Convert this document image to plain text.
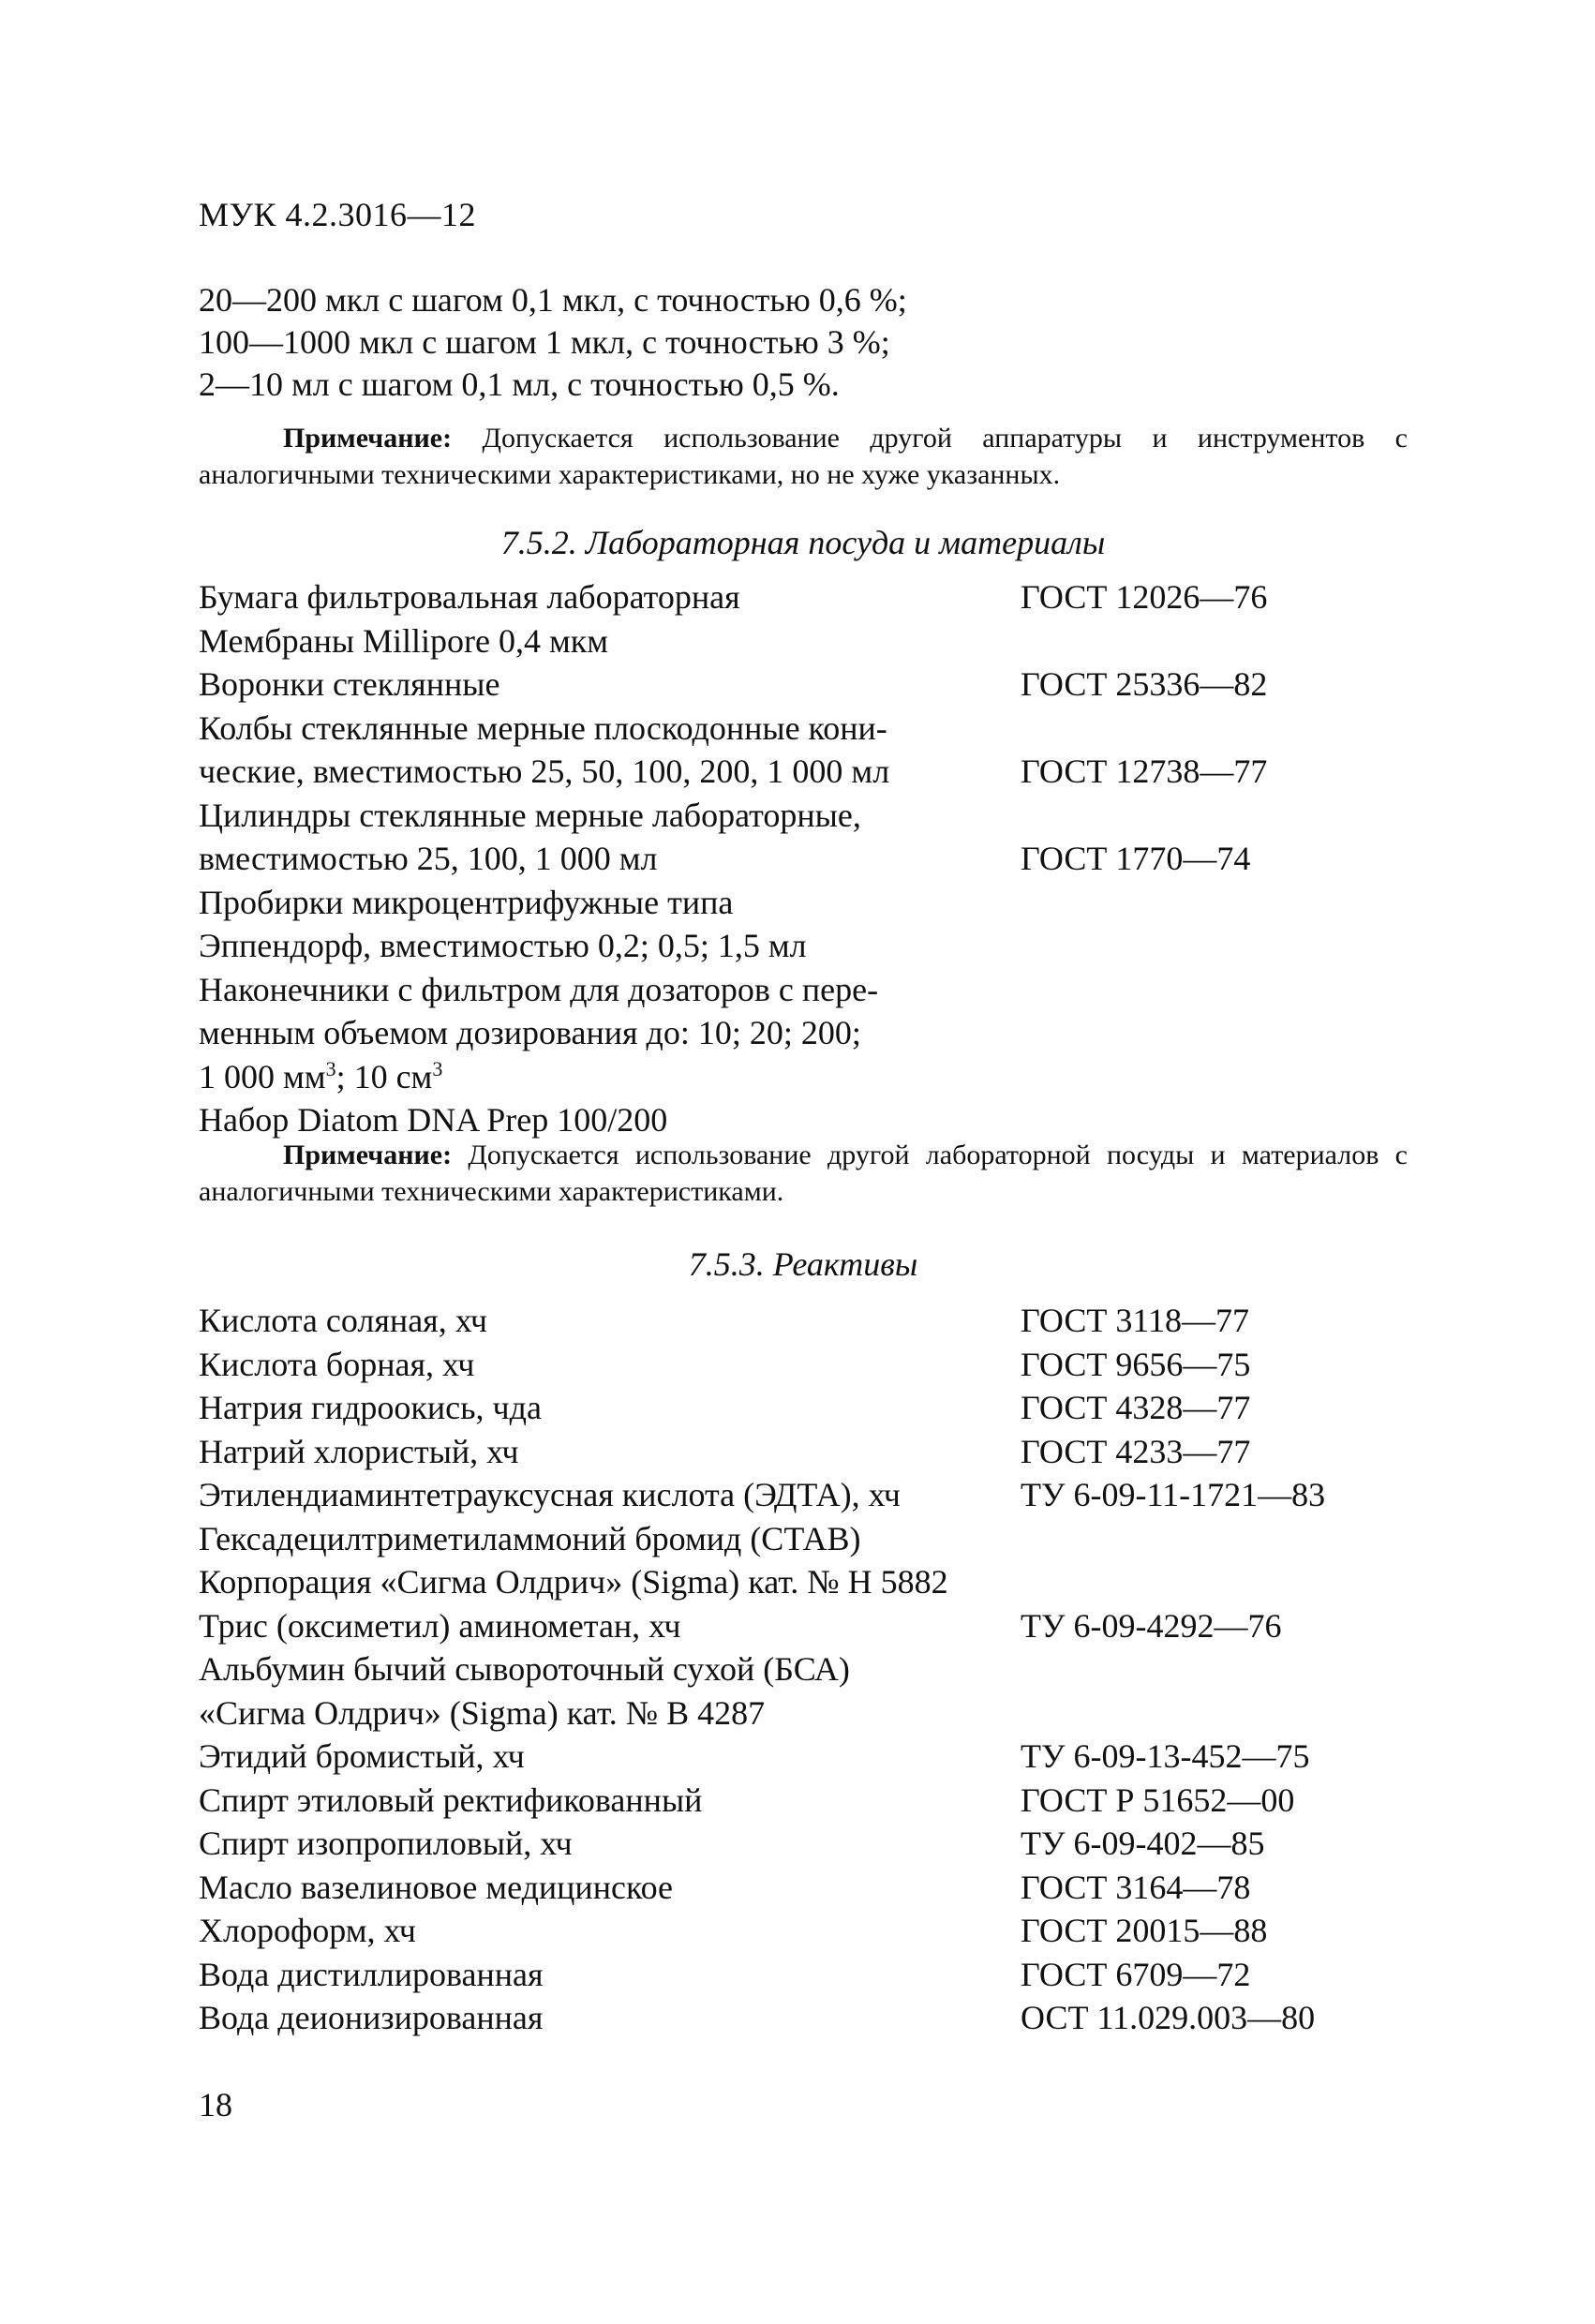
МУК 4.2.3016—12
20—200 мкл с шагом 0,1 мкл, с точностью 0,6 %;
100—1000 мкл с шагом 1 мкл, с точностью 3 %;
2—10 мл с шагом 0,1 мл, с точностью 0,5 %.
Примечание: Допускается использование другой аппаратуры и инструментов с аналогичными техническими характеристиками, но не хуже указанных.
7.5.2. Лабораторная посуда и материалы
Бумага фильтровальная лабораторная	ГОСТ 12026—76
Мембраны Millipore 0,4 мкм
Воронки стеклянные	ГОСТ 25336—82
Колбы стеклянные мерные плоскодонные кони-
ческие, вместимостью 25, 50, 100, 200, 1 000 мл	ГОСТ 12738—77
Цилиндры стеклянные мерные лабораторные,
вместимостью 25, 100, 1 000 мл	ГОСТ 1770—74
Пробирки микроцентрифужные типа
Эппендорф, вместимостью 0,2; 0,5; 1,5 мл
Наконечники с фильтром для дозаторов с пере-
менным объемом дозирования до: 10; 20; 200;
1 000 $мм^3$; 10 $см^3$
Набор Diatom DNA Prep 100/200
Примечание: Допускается использование другой лабораторной посуды и материалов с аналогичными техническими характеристиками.
7.5.3. Реактивы
Кислота соляная, хч	ГОСТ 3118—77
Кислота борная, хч	ГОСТ 9656—75
Натрия гидроокись, чда	ГОСТ 4328—77
Натрий хлористый, хч	ГОСТ 4233—77
Этилендиаминтетрауксусная кислота (ЭДТА), хч	ТУ 6-09-11-1721—83
Гексадецилтриметиламмоний бромид (СТАВ)
Корпорация «Сигма Олдрич» (Sigma) кат. № Н 5882
Трис (оксиметил) аминометан, хч	ТУ 6-09-4292—76
Альбумин бычий сывороточный сухой (БСА)
«Сигма Олдрич» (Sigma) кат. № В 4287
Этидий бромистый, хч	ТУ 6-09-13-452—75
Спирт этиловый ректификованный	ГОСТ Р 51652—00
Спирт изопропиловый, хч	ТУ 6-09-402—85
Масло вазелиновое медицинское	ГОСТ 3164—78
Хлороформ, хч	ГОСТ 20015—88
Вода дистиллированная	ГОСТ 6709—72
Вода деионизированная	ОСТ 11.029.003—80
18
